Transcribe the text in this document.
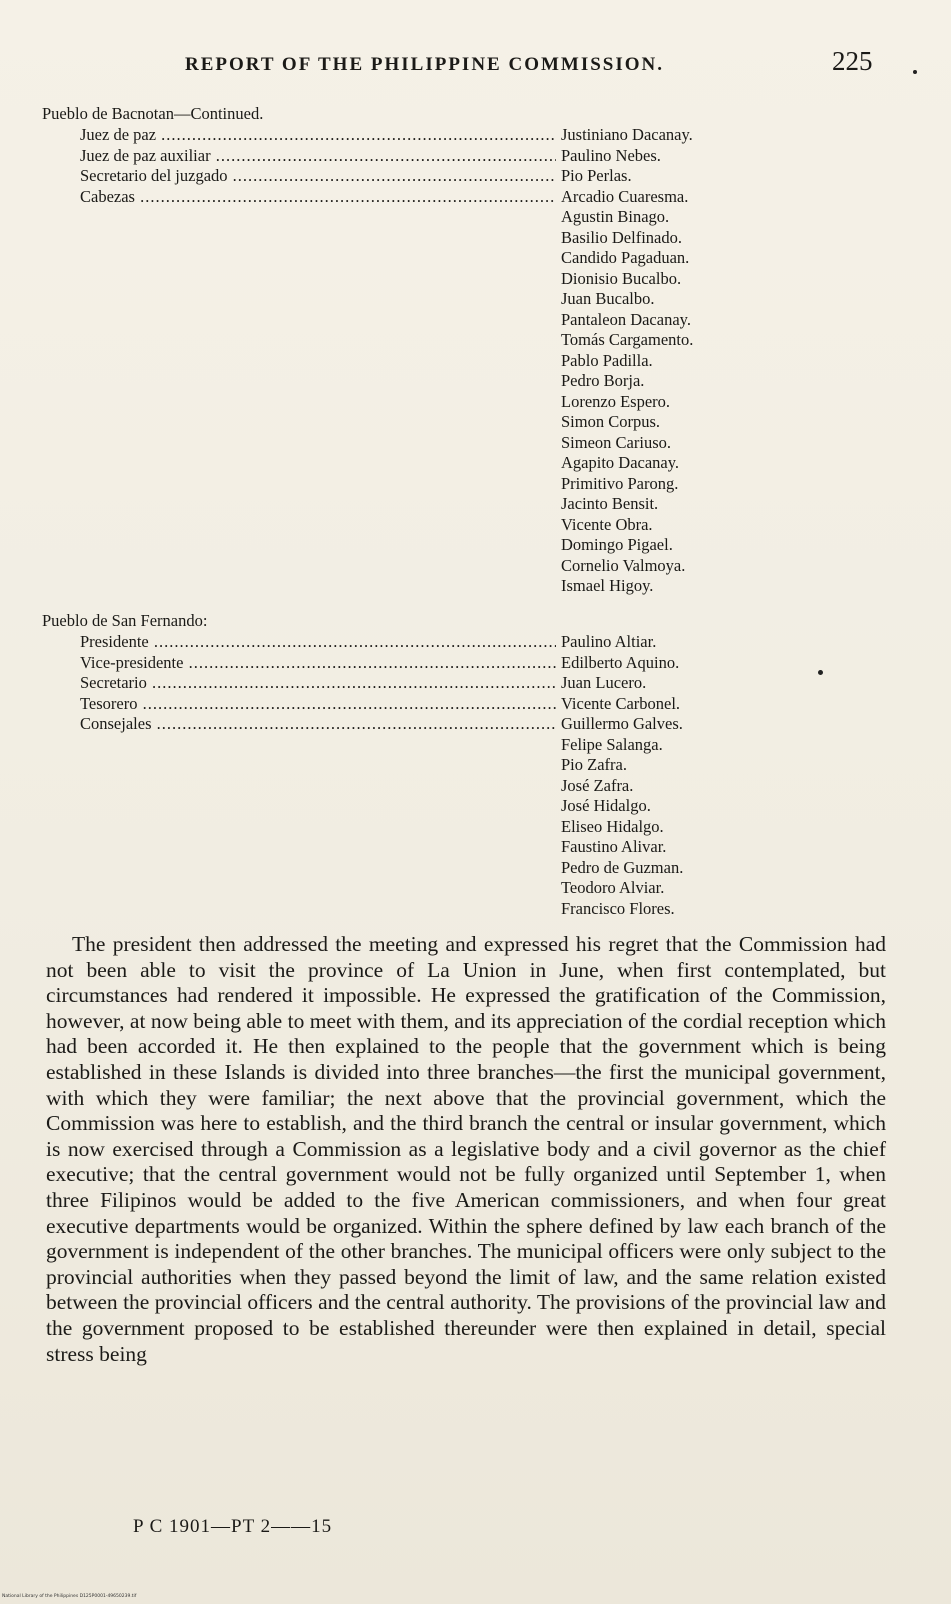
REPORT OF THE PHILIPPINE COMMISSION.	225
Pueblo de Bacnotan—Continued.
Juez de paz .....	Justiniano Dacanay.
Juez de paz auxiliar .....	Paulino Nebes.
Secretario del juzgado .....	Pio Perlas.
Cabezas .....	Arcadio Cuaresma.
Agustin Binago.
Basilio Delfinado.
Candido Pagaduan.
Dionisio Bucalbo.
Juan Bucalbo.
Pantaleon Dacanay.
Tomás Cargamento.
Pablo Padilla.
Pedro Borja.
Lorenzo Espero.
Simon Corpus.
Simeon Cariuso.
Agapito Dacanay.
Primitivo Parong.
Jacinto Bensit.
Vicente Obra.
Domingo Pigael.
Cornelio Valmoya.
Ismael Higoy.
Pueblo de San Fernando:
Presidente .....	Paulino Altiar.
Vice-presidente .....	Edilberto Aquino.
Secretario .....	Juan Lucero.
Tesorero .....	Vicente Carbonel.
Consejales .....	Guillermo Galves.
Felipe Salanga.
Pio Zafra.
José Zafra.
José Hidalgo.
Eliseo Hidalgo.
Faustino Alivar.
Pedro de Guzman.
Teodoro Alviar.
Francisco Flores.

The president then addressed the meeting and expressed his regret that the Commission had not been able to visit the province of La Union in June, when first contemplated, but circumstances had rendered it impossible. He expressed the gratification of the Commission, however, at now being able to meet with them, and its appreciation of the cordial reception which had been accorded it. He then explained to the people that the government which is being established in these Islands is divided into three branches—the first the municipal government, with which they were familiar; the next above that the provincial government, which the Commission was here to establish, and the third branch the central or insular government, which is now exercised through a Commission as a legislative body and a civil governor as the chief executive; that the central government would not be fully organized until September 1, when three Filipinos would be added to the five American commissioners, and when four great executive departments would be organized. Within the sphere defined by law each branch of the government is independent of the other branches. The municipal officers were only subject to the provincial authorities when they passed beyond the limit of law, and the same relation existed between the provincial officers and the central authority. The provisions of the provincial law and the government proposed to be established thereunder were then explained in detail, special stress being

P C 1901—PT 2——15
National Library of the Philippines D125P0001-49650239.tif
